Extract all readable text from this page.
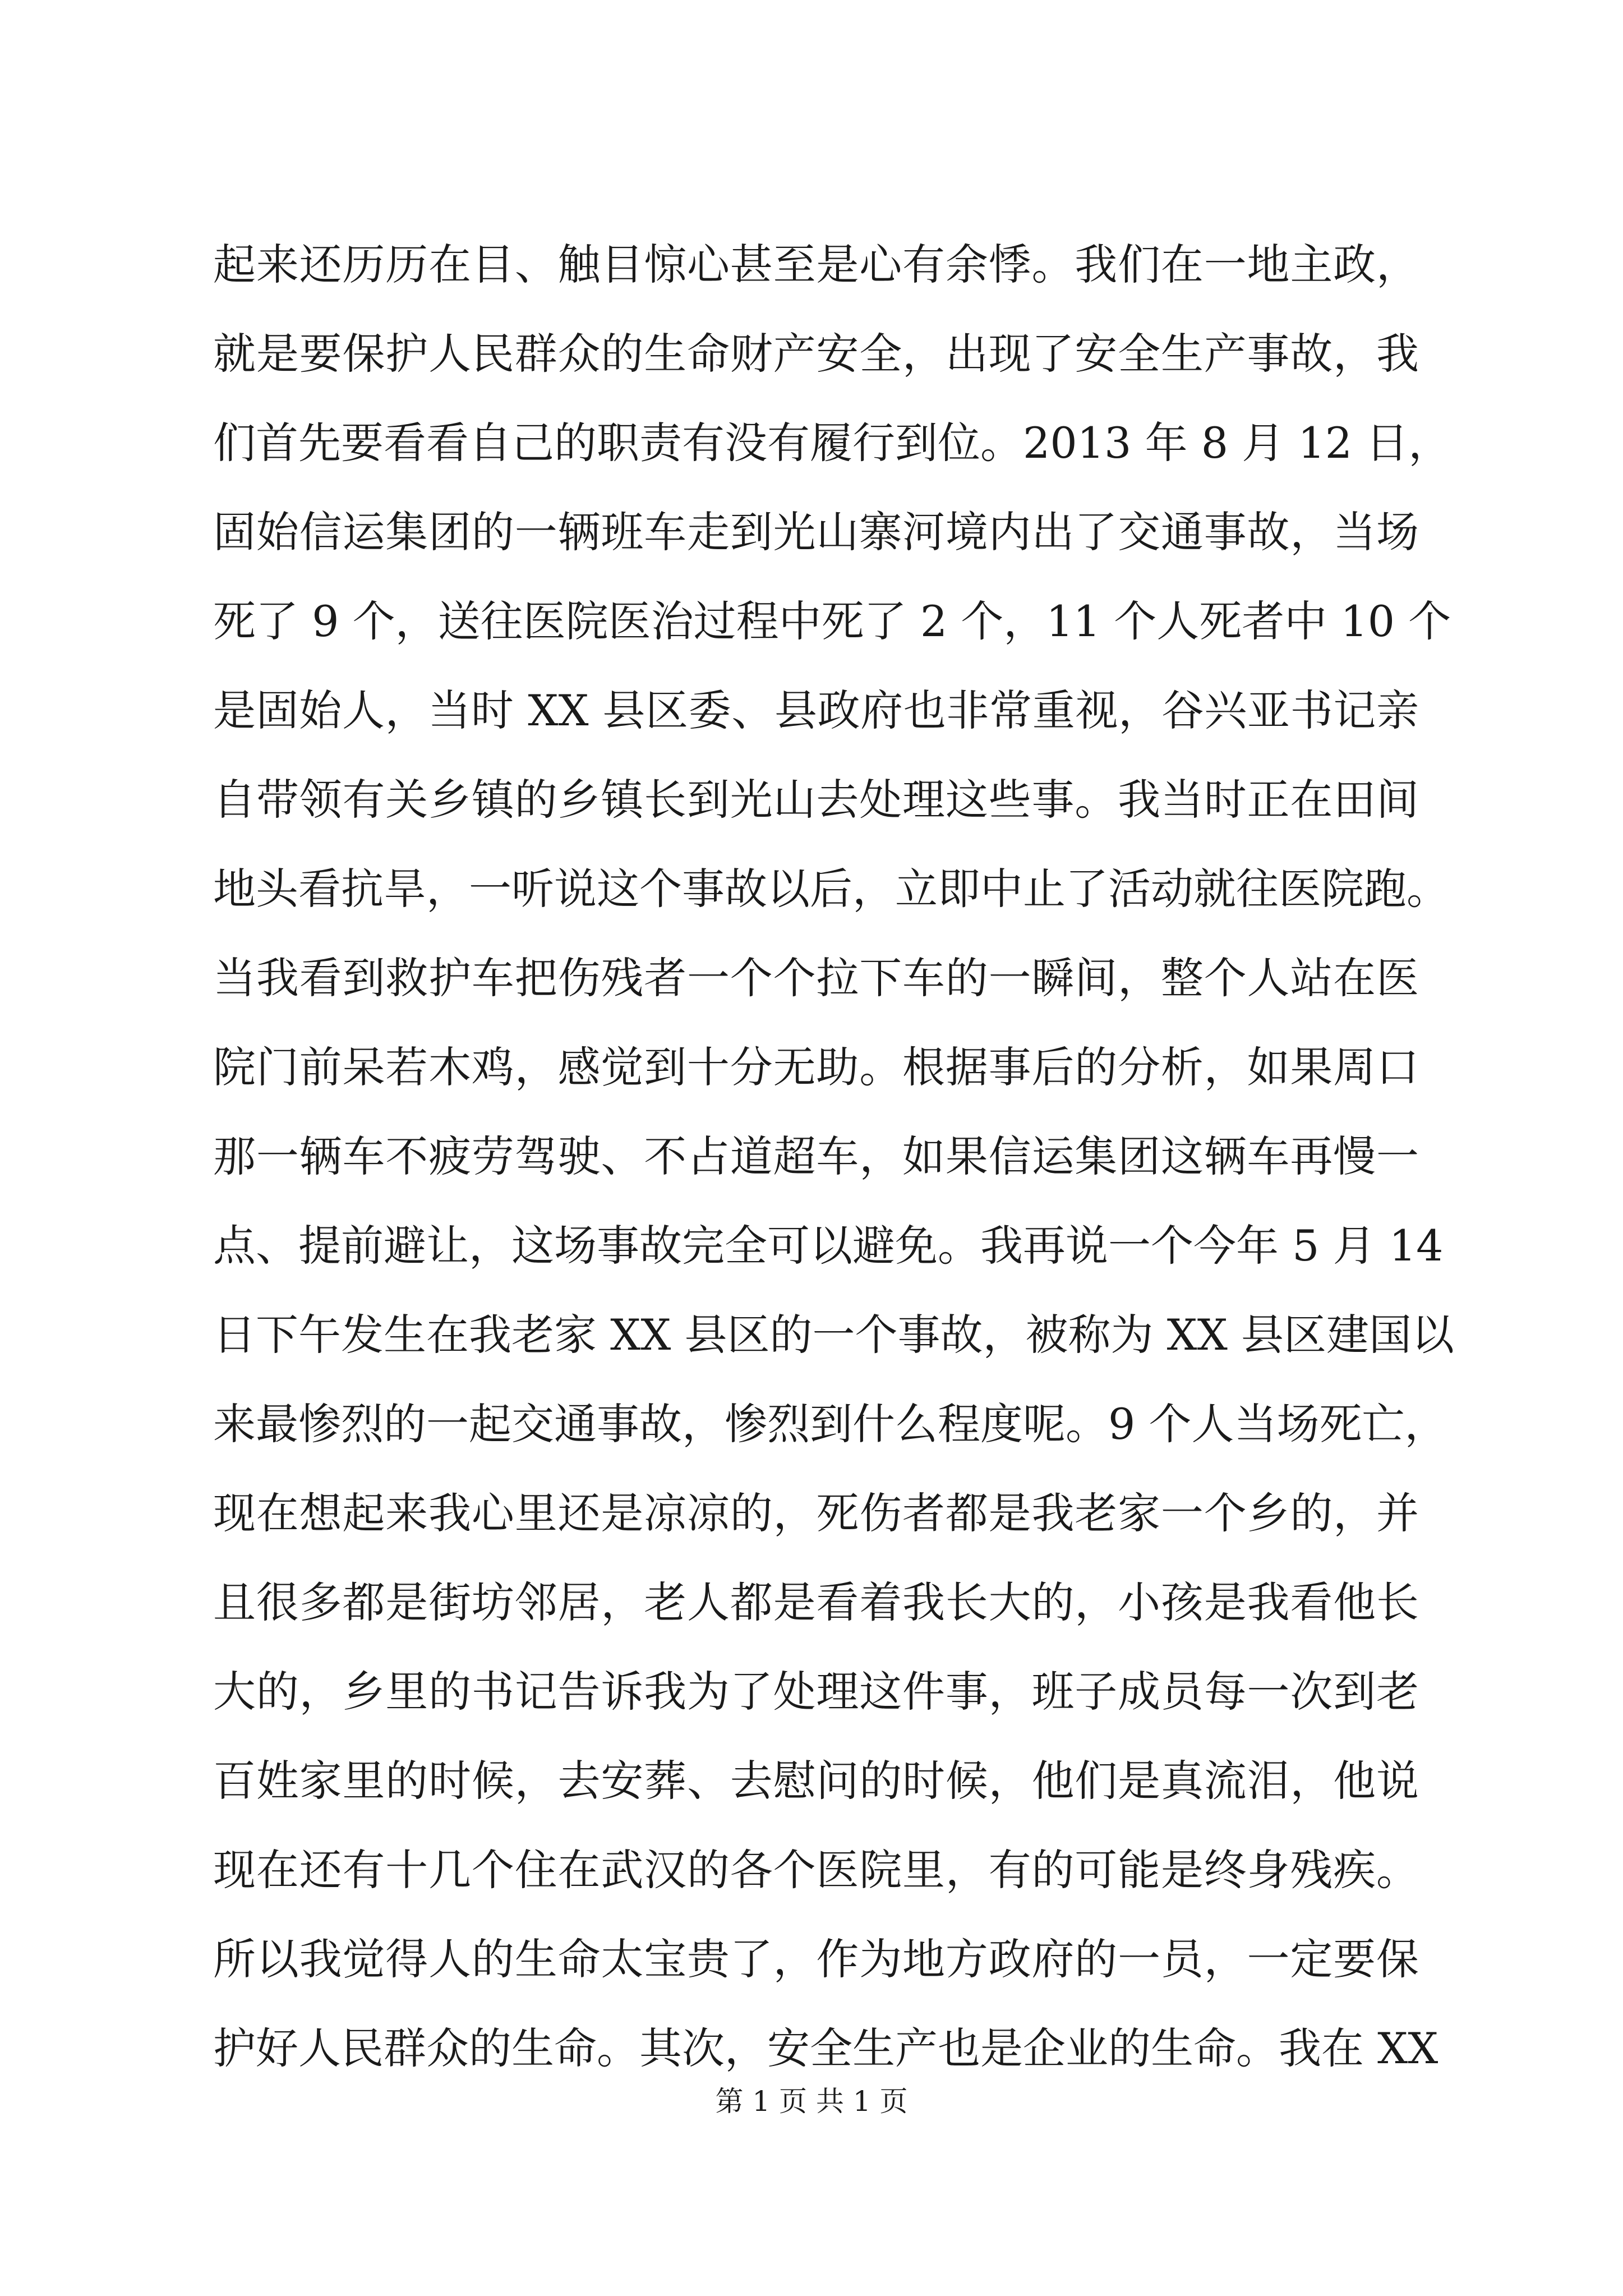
起来还历历在目、触目惊心甚至是心有余悸。我们在一地主政，
就是要保护人民群众的生命财产安全，出现了安全生产事故，我
们首先要看看自己的职责有没有履行到位。2013 年 8 月 12 日，
固始信运集团的一辆班车走到光山寨河境内出了交通事故，当场
死了 9 个，送往医院医治过程中死了 2 个，11 个人死者中 10 个
是固始人，当时 XX 县区委、县政府也非常重视，谷兴亚书记亲
自带领有关乡镇的乡镇长到光山去处理这些事。我当时正在田间
地头看抗旱，一听说这个事故以后，立即中止了活动就往医院跑。
当我看到救护车把伤残者一个个拉下车的一瞬间，整个人站在医
院门前呆若木鸡，感觉到十分无助。根据事后的分析，如果周口
那一辆车不疲劳驾驶、不占道超车，如果信运集团这辆车再慢一
点、提前避让，这场事故完全可以避免。我再说一个今年 5 月 14
日下午发生在我老家 XX 县区的一个事故，被称为 XX 县区建国以
来最惨烈的一起交通事故，惨烈到什么程度呢。9 个人当场死亡，
现在想起来我心里还是凉凉的，死伤者都是我老家一个乡的，并
且很多都是街坊邻居，老人都是看着我长大的，小孩是我看他长
大的，乡里的书记告诉我为了处理这件事，班子成员每一次到老
百姓家里的时候，去安葬、去慰问的时候，他们是真流泪，他说
现在还有十几个住在武汉的各个医院里，有的可能是终身残疾。
所以我觉得人的生命太宝贵了，作为地方政府的一员，一定要保
护好人民群众的生命。其次，安全生产也是企业的生命。我在 XX
第 1 页 共 1 页
